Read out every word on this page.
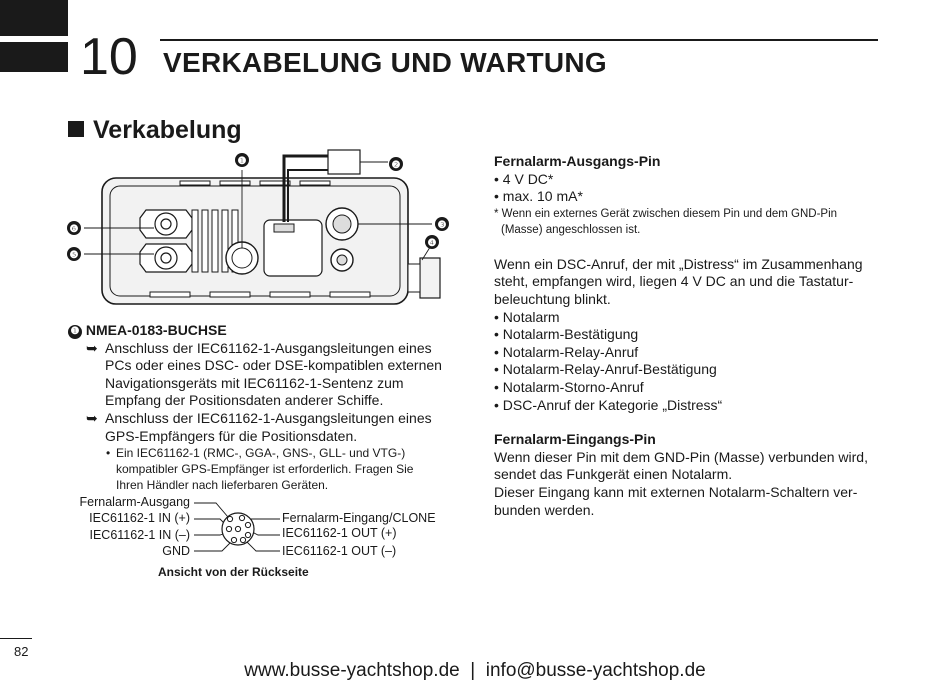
10 VERKABELUNG UND WARTUNG
Verkabelung
❶	❷
❸
❹
❺
❻
❶ NMEA-0183-BUCHSE
➥ Anschluss der IEC61162-1-Ausgangsleitungen eines
PCs oder eines DSC- oder DSE-kompatiblen externen
Navigationsgeräts mit IEC61162-1-Sentenz zum
Empfang der Positionsdaten anderer Schiffe.
➥ Anschluss der IEC61162-1-Ausgangsleitungen eines
GPS-Empfängers für die Positionsdaten.
• Ein IEC61162-1 (RMC-, GGA-, GNS-, GLL- und VTG-)
kompatibler GPS-Empfänger ist erforderlich. Fragen Sie
Ihren Händler nach lieferbaren Geräten.
Fernalarm-Ausgang
IEC61162-1 IN (+)
IEC61162-1 IN (–)
GND
Fernalarm-Eingang/CLONE
IEC61162-1 OUT (+)
IEC61162-1 OUT (–)
Ansicht von der Rückseite
Fernalarm-Ausgangs-Pin
• 4 V DC*
• max. 10 mA*
* Wenn ein externes Gerät zwischen diesem Pin und dem GND-Pin
(Masse) angeschlossen ist.
Wenn ein DSC-Anruf, der mit „Distress“ im Zusammenhang
steht, empfangen wird, liegen 4 V DC an und die Tastatur-
beleuchtung blinkt.
• Notalarm
• Notalarm-Bestätigung
• Notalarm-Relay-Anruf
• Notalarm-Relay-Anruf-Bestätigung
• Notalarm-Storno-Anruf
• DSC-Anruf der Kategorie „Distress“
Fernalarm-Eingangs-Pin
Wenn dieser Pin mit dem GND-Pin (Masse) verbunden wird,
sendet das Funkgerät einen Notalarm.
Dieser Eingang kann mit externen Notalarm-Schaltern ver-
bunden werden.
82
www.busse-yachtshop.de  |  info@busse-yachtshop.de
